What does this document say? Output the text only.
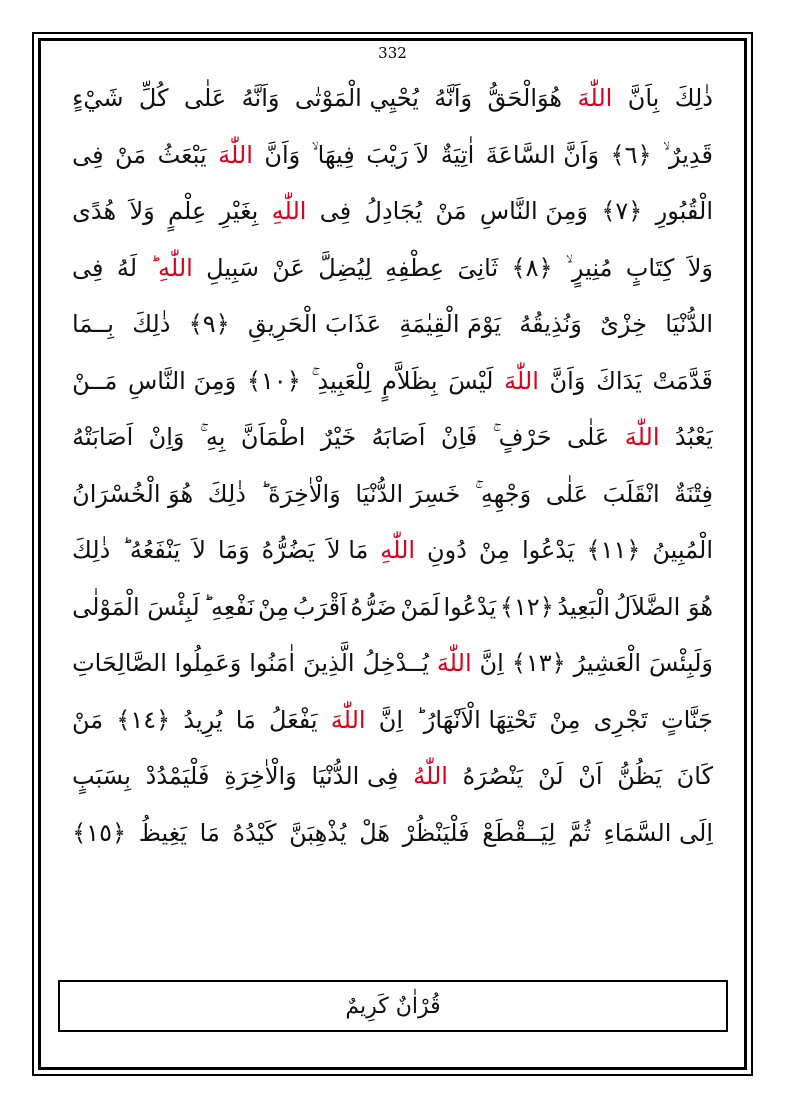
332
ذٰلِكَ
بِاَنَّ
اللّٰهَ
هُوَالْحَقُّ
وَاَنَّهُ
يُحْيِي الْمَوْتٰى
وَاَنَّهُ
عَلٰى
كُلِّ
شَيْءٍ
قَدِيرٌ ۙ
﴿٦﴾
وَاَنَّ السَّاعَةَ
اٰتِيَةٌ
لاَ رَيْبَ
فِيهَا ۙ
وَاَنَّ
اللّٰهَ
يَبْعَثُ
مَنْ
فِى
الْقُبُورِ
﴿٧﴾
وَمِنَ النَّاسِ
مَنْ
يُجَادِلُ
فِى
اللّٰهِ
بِغَيْرِ
عِلْمٍ
وَلاَ
هُدًى
وَلاَ
كِتَابٍ
مُنِيرٍ ۙ
﴿٨﴾
ثَانِىَ
عِطْفِهِ
لِيُضِلَّ
عَنْ
سَبِيلِ
اللّٰهِ ؕ
لَهُ
فِى
الدُّنْيَا
خِزْىٌ
وَنُذِيقُهُ
يَوْمَ الْقِيٰمَةِ
عَذَابَ الْحَرِيقِ
﴿٩﴾
ذٰلِكَ
بِــمَا
قَدَّمَتْ
يَدَاكَ
وَاَنَّ
اللّٰهَ
لَيْسَ
بِظَلاَّمٍ
لِلْعَبِيدِ ۚ
﴿١٠﴾
وَمِنَ النَّاسِ
مَــنْ
يَعْبُدُ
اللّٰهَ
عَلٰى
حَرْفٍ ۚ
فَاِنْ
اَصَابَهُ
خَيْرٌ
اطْمَاَنَّ
بِهِ ۚ
وَاِنْ
اَصَابَتْهُ
فِتْنَةٌ
انْقَلَبَ
عَلٰى
وَجْهِهِ ۚ
خَسِرَ الدُّنْيَا
وَالْاٰخِرَةَ ؕ
ذٰلِكَ
هُوَ الْخُسْرَانُ
الْمُبِينُ
﴿١١﴾
يَدْعُوا
مِنْ
دُونِ
اللّٰهِ
مَا لاَ
يَضُرُّهُ
وَمَا
لاَ
يَنْفَعُهُ ؕ
ذٰلِكَ
هُوَ الضَّلاَلُ
الْبَعِيدُ
﴿١٢﴾
يَدْعُوا
لَمَنْ
ضَرُّهُ
اَقْرَبُ
مِنْ
نَفْعِهِ ؕ
لَبِئْسَ الْمَوْلٰى
وَلَبِئْسَ
الْعَشِيرُ
﴿١٣﴾
اِنَّ
اللّٰهَ
يُــدْخِلُ
الَّذِينَ
اٰمَنُوا
وَعَمِلُوا الصَّالِحَاتِ
جَنَّاتٍ
تَجْرِى
مِنْ
تَحْتِهَا الْاَنْهَارُ ؕ
اِنَّ
اللّٰهَ
يَفْعَلُ
مَا
يُرِيدُ
﴿١٤﴾
مَنْ
كَانَ
يَظُنُّ
اَنْ
لَنْ
يَنْصُرَهُ
اللّٰهُ
فِى الدُّنْيَا
وَالْاٰخِرَةِ
فَلْيَمْدُدْ
بِسَبَبٍ
اِلَى السَّمَاءِ
ثُمَّ
لِيَــقْطَعْ
فَلْيَنْظُرْ
هَلْ
يُذْهِبَنَّ
كَيْدُهُ
مَا
يَغِيظُ
﴿١٥﴾
قُرْاٰنٌ كَرِيمٌ
